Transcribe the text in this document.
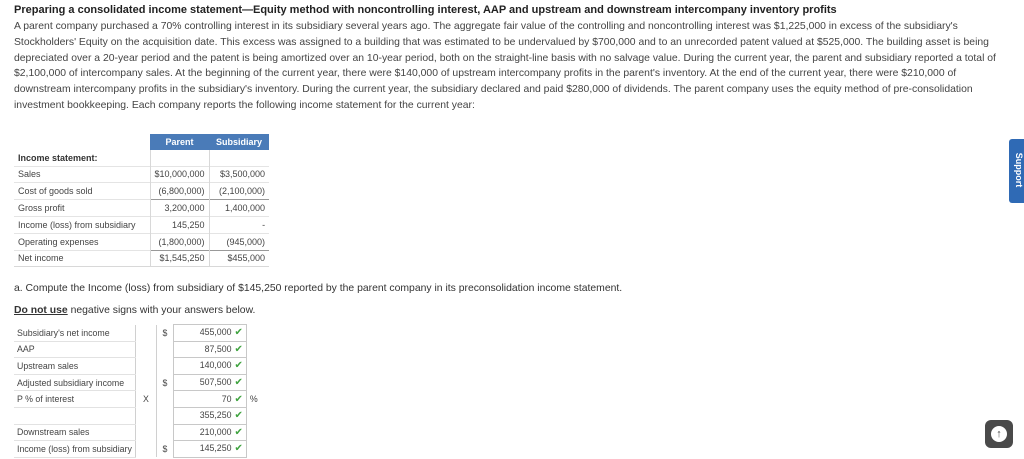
Preparing a consolidated income statement—Equity method with noncontrolling interest, AAP and upstream and downstream intercompany inventory profits
A parent company purchased a 70% controlling interest in its subsidiary several years ago. The aggregate fair value of the controlling and noncontrolling interest was $1,225,000 in excess of the subsidiary's Stockholders' Equity on the acquisition date. This excess was assigned to a building that was estimated to be undervalued by $700,000 and to an unrecorded patent valued at $525,000. The building asset is being depreciated over a 20-year period and the patent is being amortized over an 10-year period, both on the straight-line basis with no salvage value. During the current year, the parent and subsidiary reported a total of $2,100,000 of intercompany sales. At the beginning of the current year, there were $140,000 of upstream intercompany profits in the parent's inventory. At the end of the current year, there were $210,000 of downstream intercompany profits in the subsidiary's inventory. During the current year, the subsidiary declared and paid $280,000 of dividends. The parent company uses the equity method of pre-consolidation investment bookkeeping. Each company reports the following income statement for the current year:
	Parent	Subsidiary
Income statement:		
Sales	$10,000,000	$3,500,000
Cost of goods sold	(6,800,000)	(2,100,000)
Gross profit	3,200,000	1,400,000
Income (loss) from subsidiary	145,250	-
Operating expenses	(1,800,000)	(945,000)
Net income	$1,545,250	$455,000
a. Compute the Income (loss) from subsidiary of $145,250 reported by the parent company in its preconsolidation income statement.
Do not use negative signs with your answers below.
Subsidiary's net income		$	455,000 ✔	
AAP			87,500 ✔	
Upstream sales			140,000 ✔	
Adjusted subsidiary income		$	507,500 ✔	
P % of interest	X		70 ✔	%
			355,250 ✔	
Downstream sales			210,000 ✔	
Income (loss) from subsidiary		$	145,250 ✔	
Support
↑
